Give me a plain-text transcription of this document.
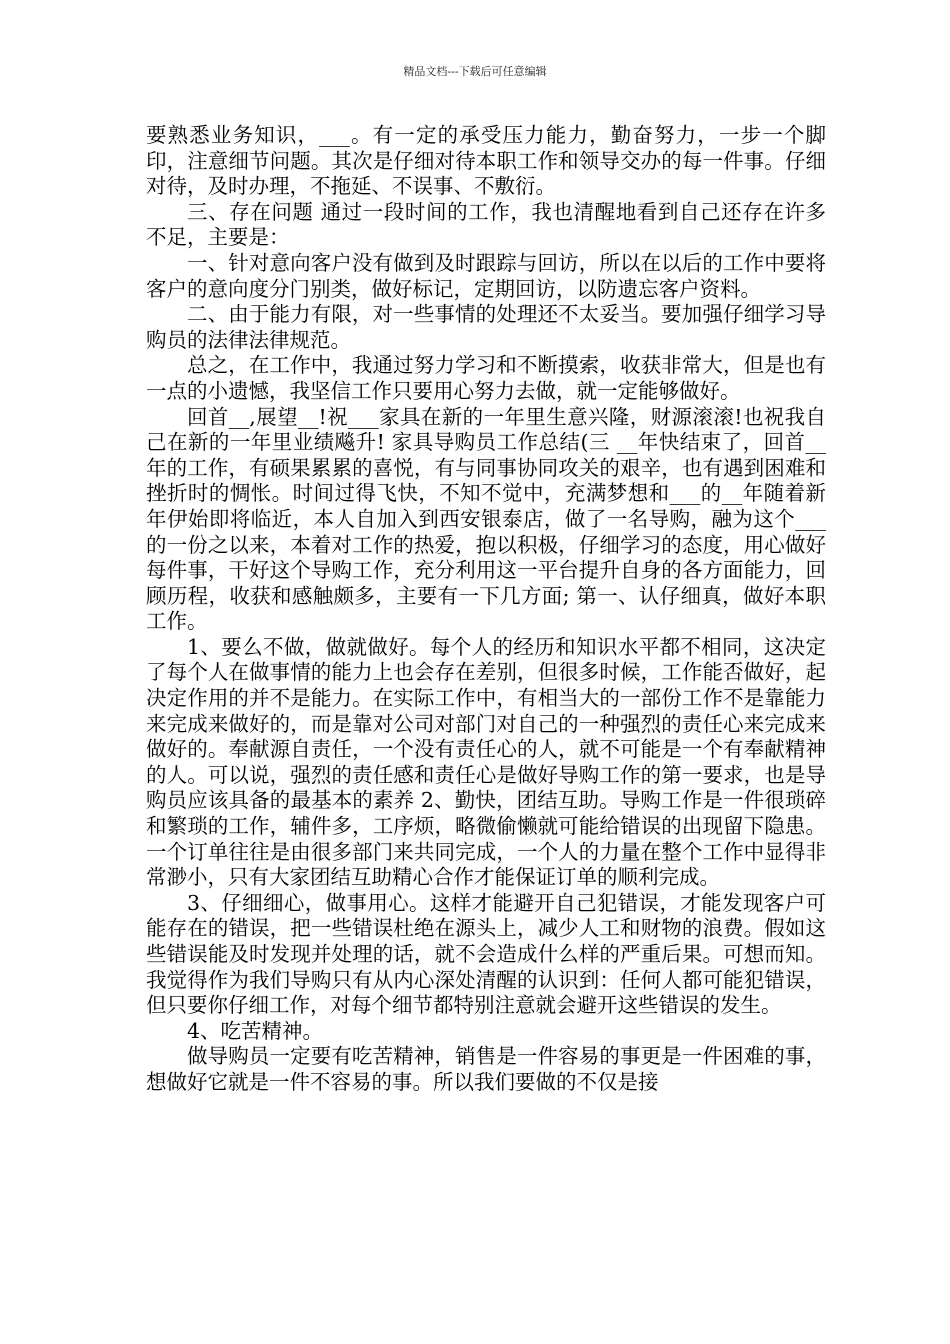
精品文档---下载后可任意编辑

要熟悉业务知识，___。有一定的承受压力能力，勤奋努力，一步一个脚印，注意细节问题。其次是仔细对待本职工作和领导交办的每一件事。仔细对待，及时办理，不拖延、不误事、不敷衍。

三、存在问题 通过一段时间的工作，我也清醒地看到自己还存在许多不足，主要是：

一、针对意向客户没有做到及时跟踪与回访，所以在以后的工作中要将客户的意向度分门别类，做好标记，定期回访，以防遗忘客户资料。

二、由于能力有限，对一些事情的处理还不太妥当。要加强仔细学习导购员的法律法律规范。

总之，在工作中，我通过努力学习和不断摸索，收获非常大，但是也有一点的小遗憾，我坚信工作只要用心努力去做，就一定能够做好。

回首__,展望__!祝___家具在新的一年里生意兴隆，财源滚滚!也祝我自己在新的一年里业绩飚升! 家具导购员工作总结(三 __年快结束了，回首__年的工作，有硕果累累的喜悦，有与同事协同攻关的艰辛，也有遇到困难和挫折时的惆怅。时间过得飞快，不知不觉中，充满梦想和___的__年随着新年伊始即将临近，本人自加入到西安银泰店，做了一名导购，融为这个___的一份之以来，本着对工作的热爱，抱以积极，仔细学习的态度，用心做好每件事，干好这个导购工作，充分利用这一平台提升自身的各方面能力，回顾历程，收获和感触颇多，主要有一下几方面; 第一、认仔细真，做好本职工作。

1、要么不做，做就做好。每个人的经历和知识水平都不相同，这决定了每个人在做事情的能力上也会存在差别，但很多时候，工作能否做好，起决定作用的并不是能力。在实际工作中，有相当大的一部份工作不是靠能力来完成来做好的，而是靠对公司对部门对自己的一种强烈的责任心来完成来做好的。奉献源自责任，一个没有责任心的人，就不可能是一个有奉献精神的人。可以说，强烈的责任感和责任心是做好导购工作的第一要求，也是导购员应该具备的最基本的素养 2、勤快，团结互助。导购工作是一件很琐碎和繁琐的工作，辅件多，工序烦，略微偷懒就可能给错误的出现留下隐患。一个订单往往是由很多部门来共同完成，一个人的力量在整个工作中显得非常渺小，只有大家团结互助精心合作才能保证订单的顺利完成。

3、仔细细心，做事用心。这样才能避开自己犯错误，才能发现客户可能存在的错误，把一些错误杜绝在源头上，减少人工和财物的浪费。假如这些错误能及时发现并处理的话，就不会造成什么样的严重后果。可想而知。我觉得作为我们导购只有从内心深处清醒的认识到：任何人都可能犯错误，但只要你仔细工作，对每个细节都特别注意就会避开这些错误的发生。

4、吃苦精神。

做导购员一定要有吃苦精神，销售是一件容易的事更是一件困难的事，想做好它就是一件不容易的事。所以我们要做的不仅是接
